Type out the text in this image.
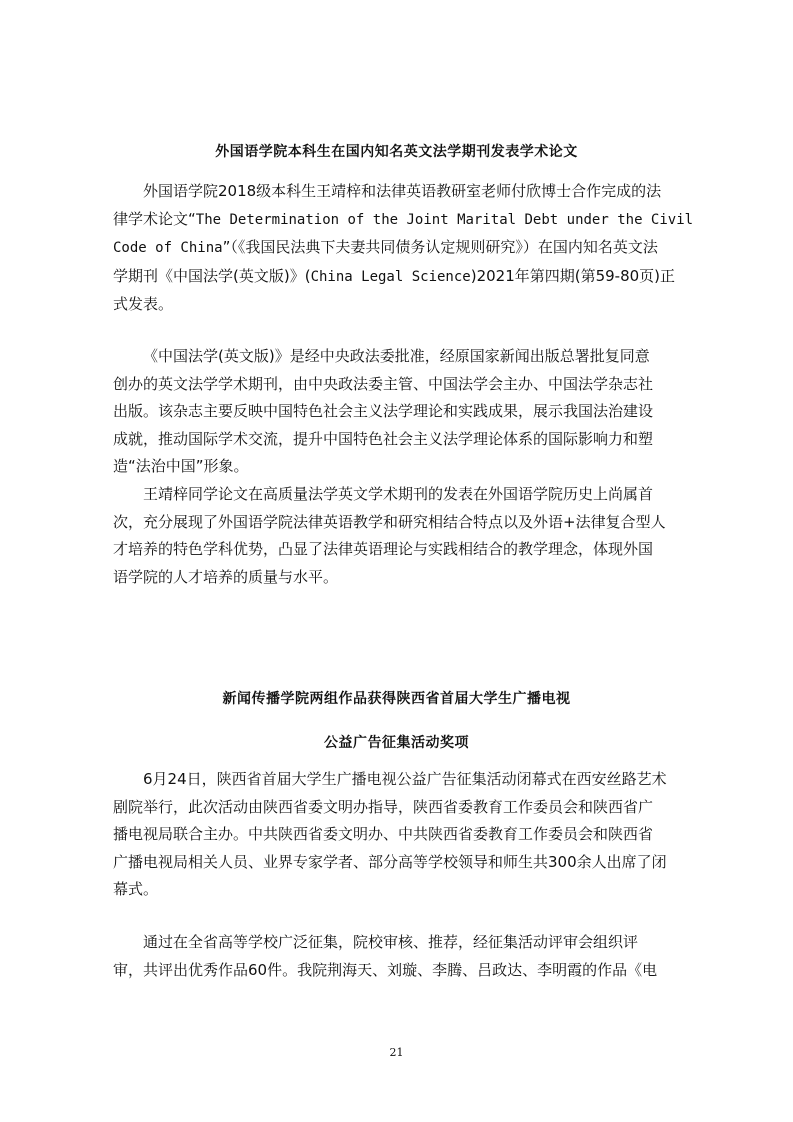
外国语学院本科生在国内知名英文法学期刊发表学术论文
外国语学院2018级本科生王靖梓和法律英语教研室老师付欣博士合作完成的法
律学术论文“The Determination of the Joint Marital Debt under the Civil
Code of China”（《我国民法典下夫妻共同债务认定规则研究》）在国内知名英文法
学期刊《中国法学(英文版)》(China Legal Science)2021年第四期(第59-80页)正
式发表。
《中国法学(英文版)》是经中央政法委批准，经原国家新闻出版总署批复同意
创办的英文法学学术期刊，由中央政法委主管、中国法学会主办、中国法学杂志社
出版。该杂志主要反映中国特色社会主义法学理论和实践成果，展示我国法治建设
成就，推动国际学术交流，提升中国特色社会主义法学理论体系的国际影响力和塑
造“法治中国”形象。
王靖梓同学论文在高质量法学英文学术期刊的发表在外国语学院历史上尚属首
次，充分展现了外国语学院法律英语教学和研究相结合特点以及外语+法律复合型人
才培养的特色学科优势，凸显了法律英语理论与实践相结合的教学理念，体现外国
语学院的人才培养的质量与水平。
新闻传播学院两组作品获得陕西省首届大学生广播电视
公益广告征集活动奖项
6月24日，陕西省首届大学生广播电视公益广告征集活动闭幕式在西安丝路艺术
剧院举行，此次活动由陕西省委文明办指导，陕西省委教育工作委员会和陕西省广
播电视局联合主办。中共陕西省委文明办、中共陕西省委教育工作委员会和陕西省
广播电视局相关人员、业界专家学者、部分高等学校领导和师生共300余人出席了闭
幕式。
通过在全省高等学校广泛征集，院校审核、推荐，经征集活动评审会组织评
审，共评出优秀作品60件。我院荆海天、刘璇、李腾、吕政达、李明霞的作品《电
21
